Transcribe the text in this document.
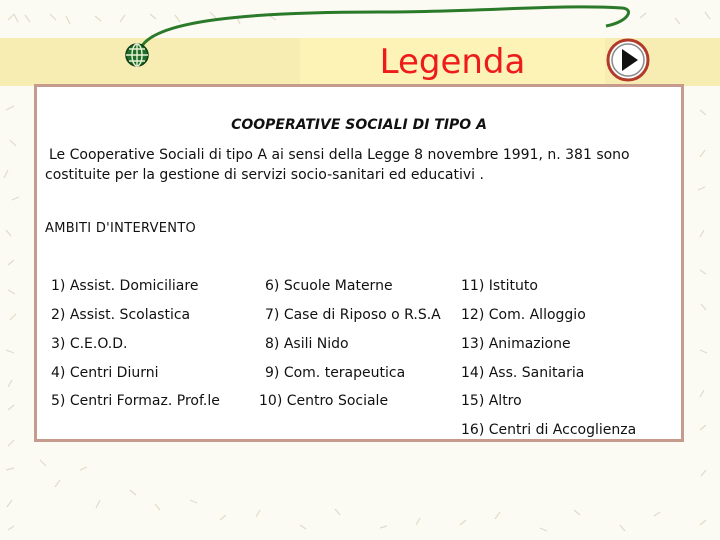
Legenda
COOPERATIVE SOCIALI DI TIPO A
Le Cooperative Sociali di tipo A ai sensi della Legge 8 novembre 1991, n. 381 sono
costituite per la gestione di servizi socio-sanitari ed educativi .
AMBITI D'INTERVENTO
1) Assist. Domiciliare
2) Assist. Scolastica
3) C.E.O.D.
4) Centri Diurni
5) Centri Formaz. Prof.le
6) Scuole Materne
7) Case di Riposo o R.S.A
8) Asili Nido
9) Com. terapeutica
10) Centro Sociale
11) Istituto
12) Com. Alloggio
13) Animazione
14) Ass. Sanitaria
15) Altro
16) Centri di Accoglienza
